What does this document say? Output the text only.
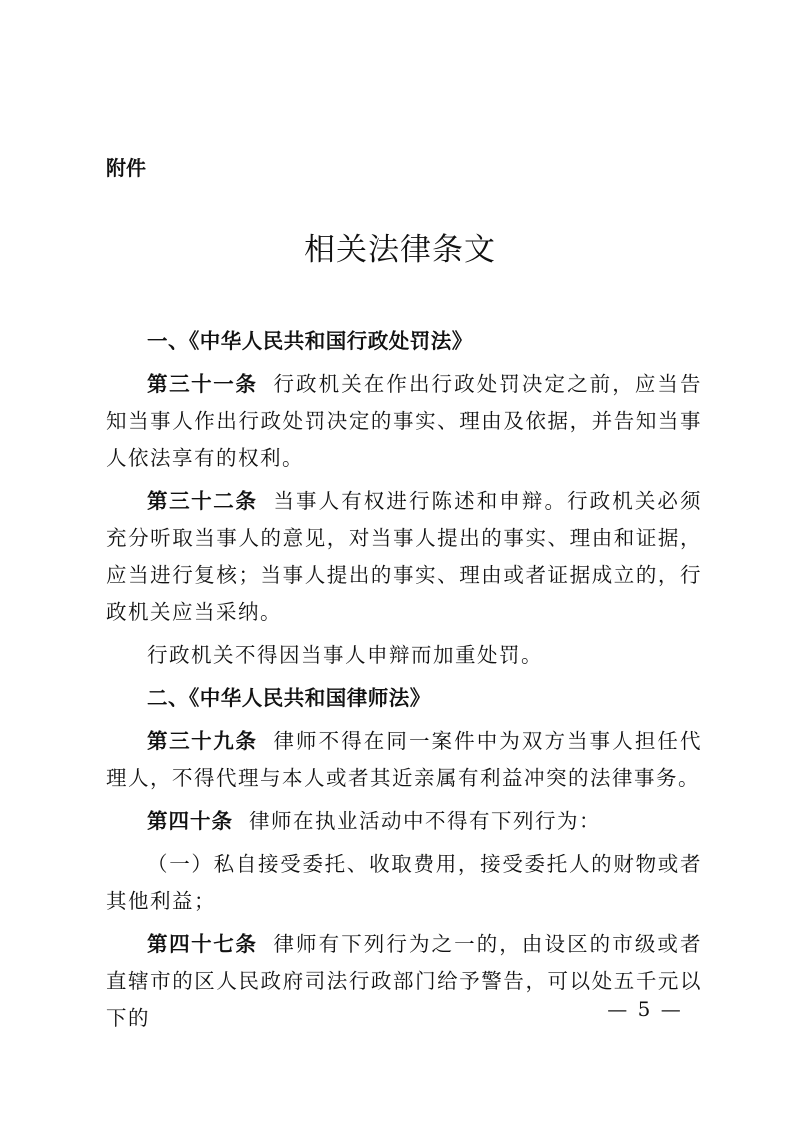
附件
相关法律条文

一、《中华人民共和国行政处罚法》

第三十一条 行政机关在作出行政处罚决定之前，应当告知当事人作出行政处罚决定的事实、理由及依据，并告知当事人依法享有的权利。

第三十二条 当事人有权进行陈述和申辩。行政机关必须充分听取当事人的意见，对当事人提出的事实、理由和证据，应当进行复核；当事人提出的事实、理由或者证据成立的，行政机关应当采纳。

行政机关不得因当事人申辩而加重处罚。

二、《中华人民共和国律师法》

第三十九条 律师不得在同一案件中为双方当事人担任代理人，不得代理与本人或者其近亲属有利益冲突的法律事务。

第四十条 律师在执业活动中不得有下列行为：

（一）私自接受委托、收取费用，接受委托人的财物或者其他利益；

第四十七条 律师有下列行为之一的，由设区的市级或者直辖市的区人民政府司法行政部门给予警告，可以处五千元以下的	— 5 —
